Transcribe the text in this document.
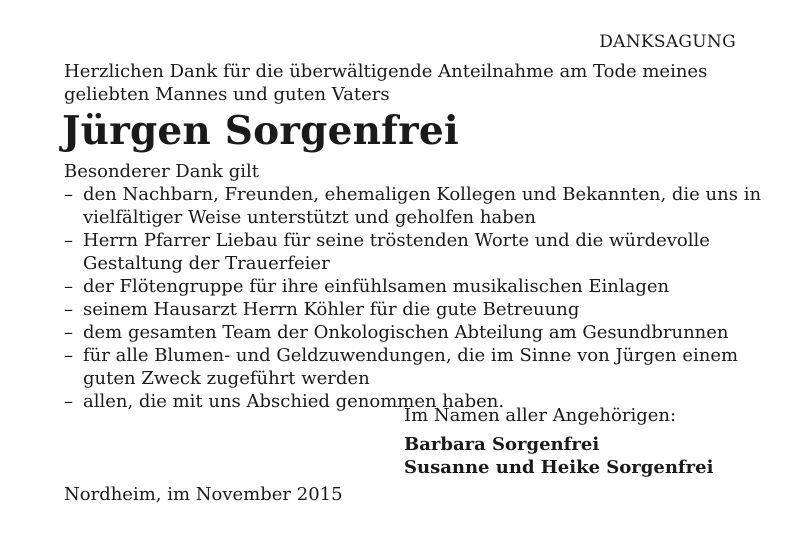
DANKSAGUNG
Herzlichen Dank für die überwältigende Anteilnahme am Tode meines
geliebten Mannes und guten Vaters
Jürgen Sorgenfrei
Besonderer Dank gilt
– den Nachbarn, Freunden, ehemaligen Kollegen und Bekannten, die uns in
vielfältiger Weise unterstützt und geholfen haben
– Herrn Pfarrer Liebau für seine tröstenden Worte und die würdevolle
Gestaltung der Trauerfeier
– der Flötengruppe für ihre einfühlsamen musikalischen Einlagen
– seinem Hausarzt Herrn Köhler für die gute Betreuung
– dem gesamten Team der Onkologischen Abteilung am Gesundbrunnen
– für alle Blumen- und Geldzuwendungen, die im Sinne von Jürgen einem
guten Zweck zugeführt werden
– allen, die mit uns Abschied genommen haben.
Im Namen aller Angehörigen:
Barbara Sorgenfrei
Susanne und Heike Sorgenfrei
Nordheim, im November 2015
